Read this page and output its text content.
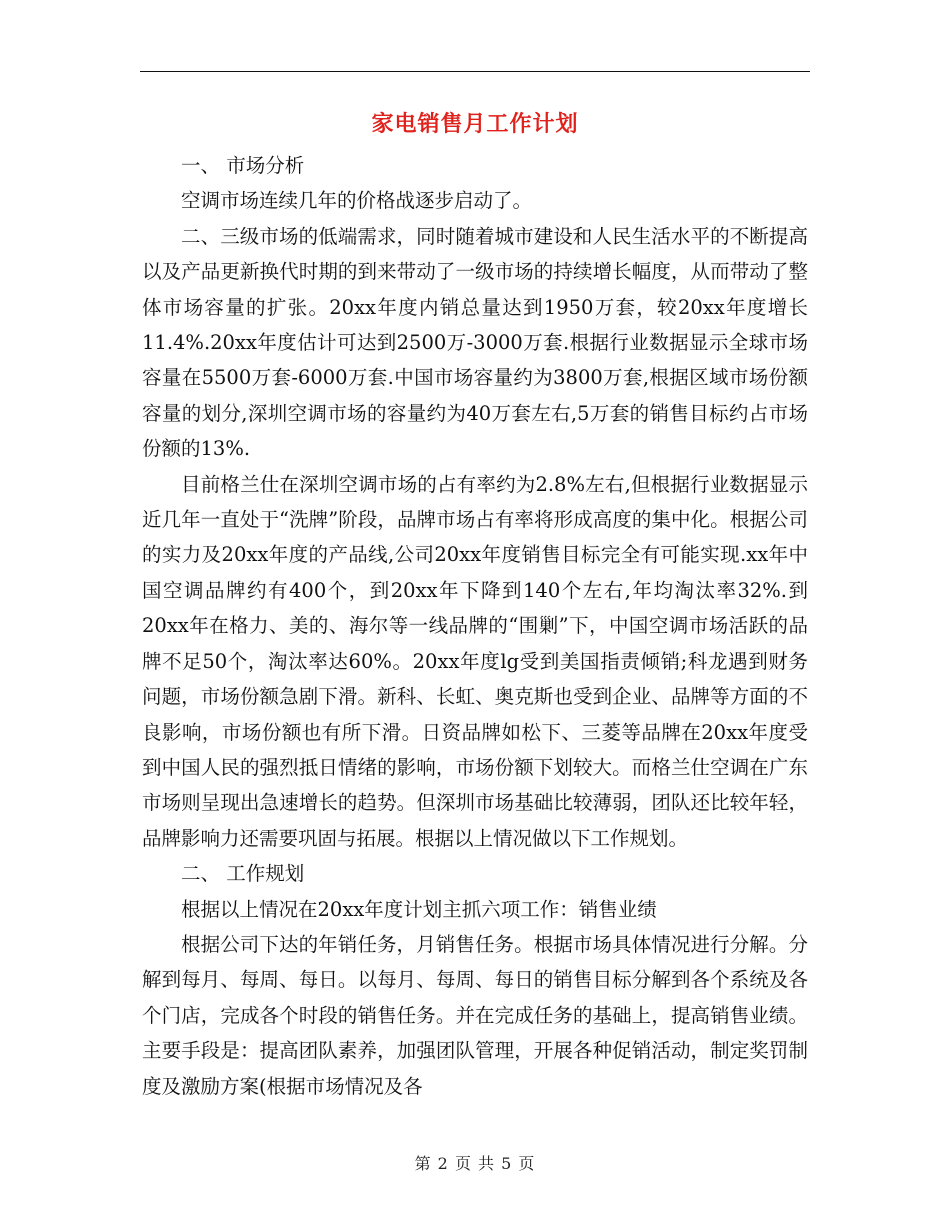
家电销售月工作计划

一、 市场分析

空调市场连续几年的价格战逐步启动了。

二、三级市场的低端需求，同时随着城市建设和人民生活水平的不断提高以及产品更新换代时期的到来带动了一级市场的持续增长幅度，从而带动了整体市场容量的扩张。20xx年度内销总量达到1950万套，较20xx年度增长11.4%.20xx年度估计可达到2500万-3000万套.根据行业数据显示全球市场容量在5500万套-6000万套.中国市场容量约为3800万套,根据区域市场份额容量的划分,深圳空调市场的容量约为40万套左右,5万套的销售目标约占市场份额的13%.

目前格兰仕在深圳空调市场的占有率约为2.8%左右,但根据行业数据显示近几年一直处于“洗牌”阶段，品牌市场占有率将形成高度的集中化。根据公司的实力及20xx年度的产品线,公司20xx年度销售目标完全有可能实现.xx年中国空调品牌约有400个，到20xx年下降到140个左右,年均淘汰率32%.到20xx年在格力、美的、海尔等一线品牌的“围剿”下，中国空调市场活跃的品牌不足50个，淘汰率达60%。20xx年度lg受到美国指责倾销;科龙遇到财务问题，市场份额急剧下滑。新科、长虹、奥克斯也受到企业、品牌等方面的不良影响，市场份额也有所下滑。日资品牌如松下、三菱等品牌在20xx年度受到中国人民的强烈抵日情绪的影响，市场份额下划较大。而格兰仕空调在广东市场则呈现出急速增长的趋势。但深圳市场基础比较薄弱，团队还比较年轻，品牌影响力还需要巩固与拓展。根据以上情况做以下工作规划。

二、 工作规划

根据以上情况在20xx年度计划主抓六项工作：销售业绩

根据公司下达的年销任务，月销售任务。根据市场具体情况进行分解。分解到每月、每周、每日。以每月、每周、每日的销售目标分解到各个系统及各个门店，完成各个时段的销售任务。并在完成任务的基础上，提高销售业绩。主要手段是：提高团队素养，加强团队管理，开展各种促销活动，制定奖罚制度及激励方案(根据市场情况及各

第 2 页 共 5 页
